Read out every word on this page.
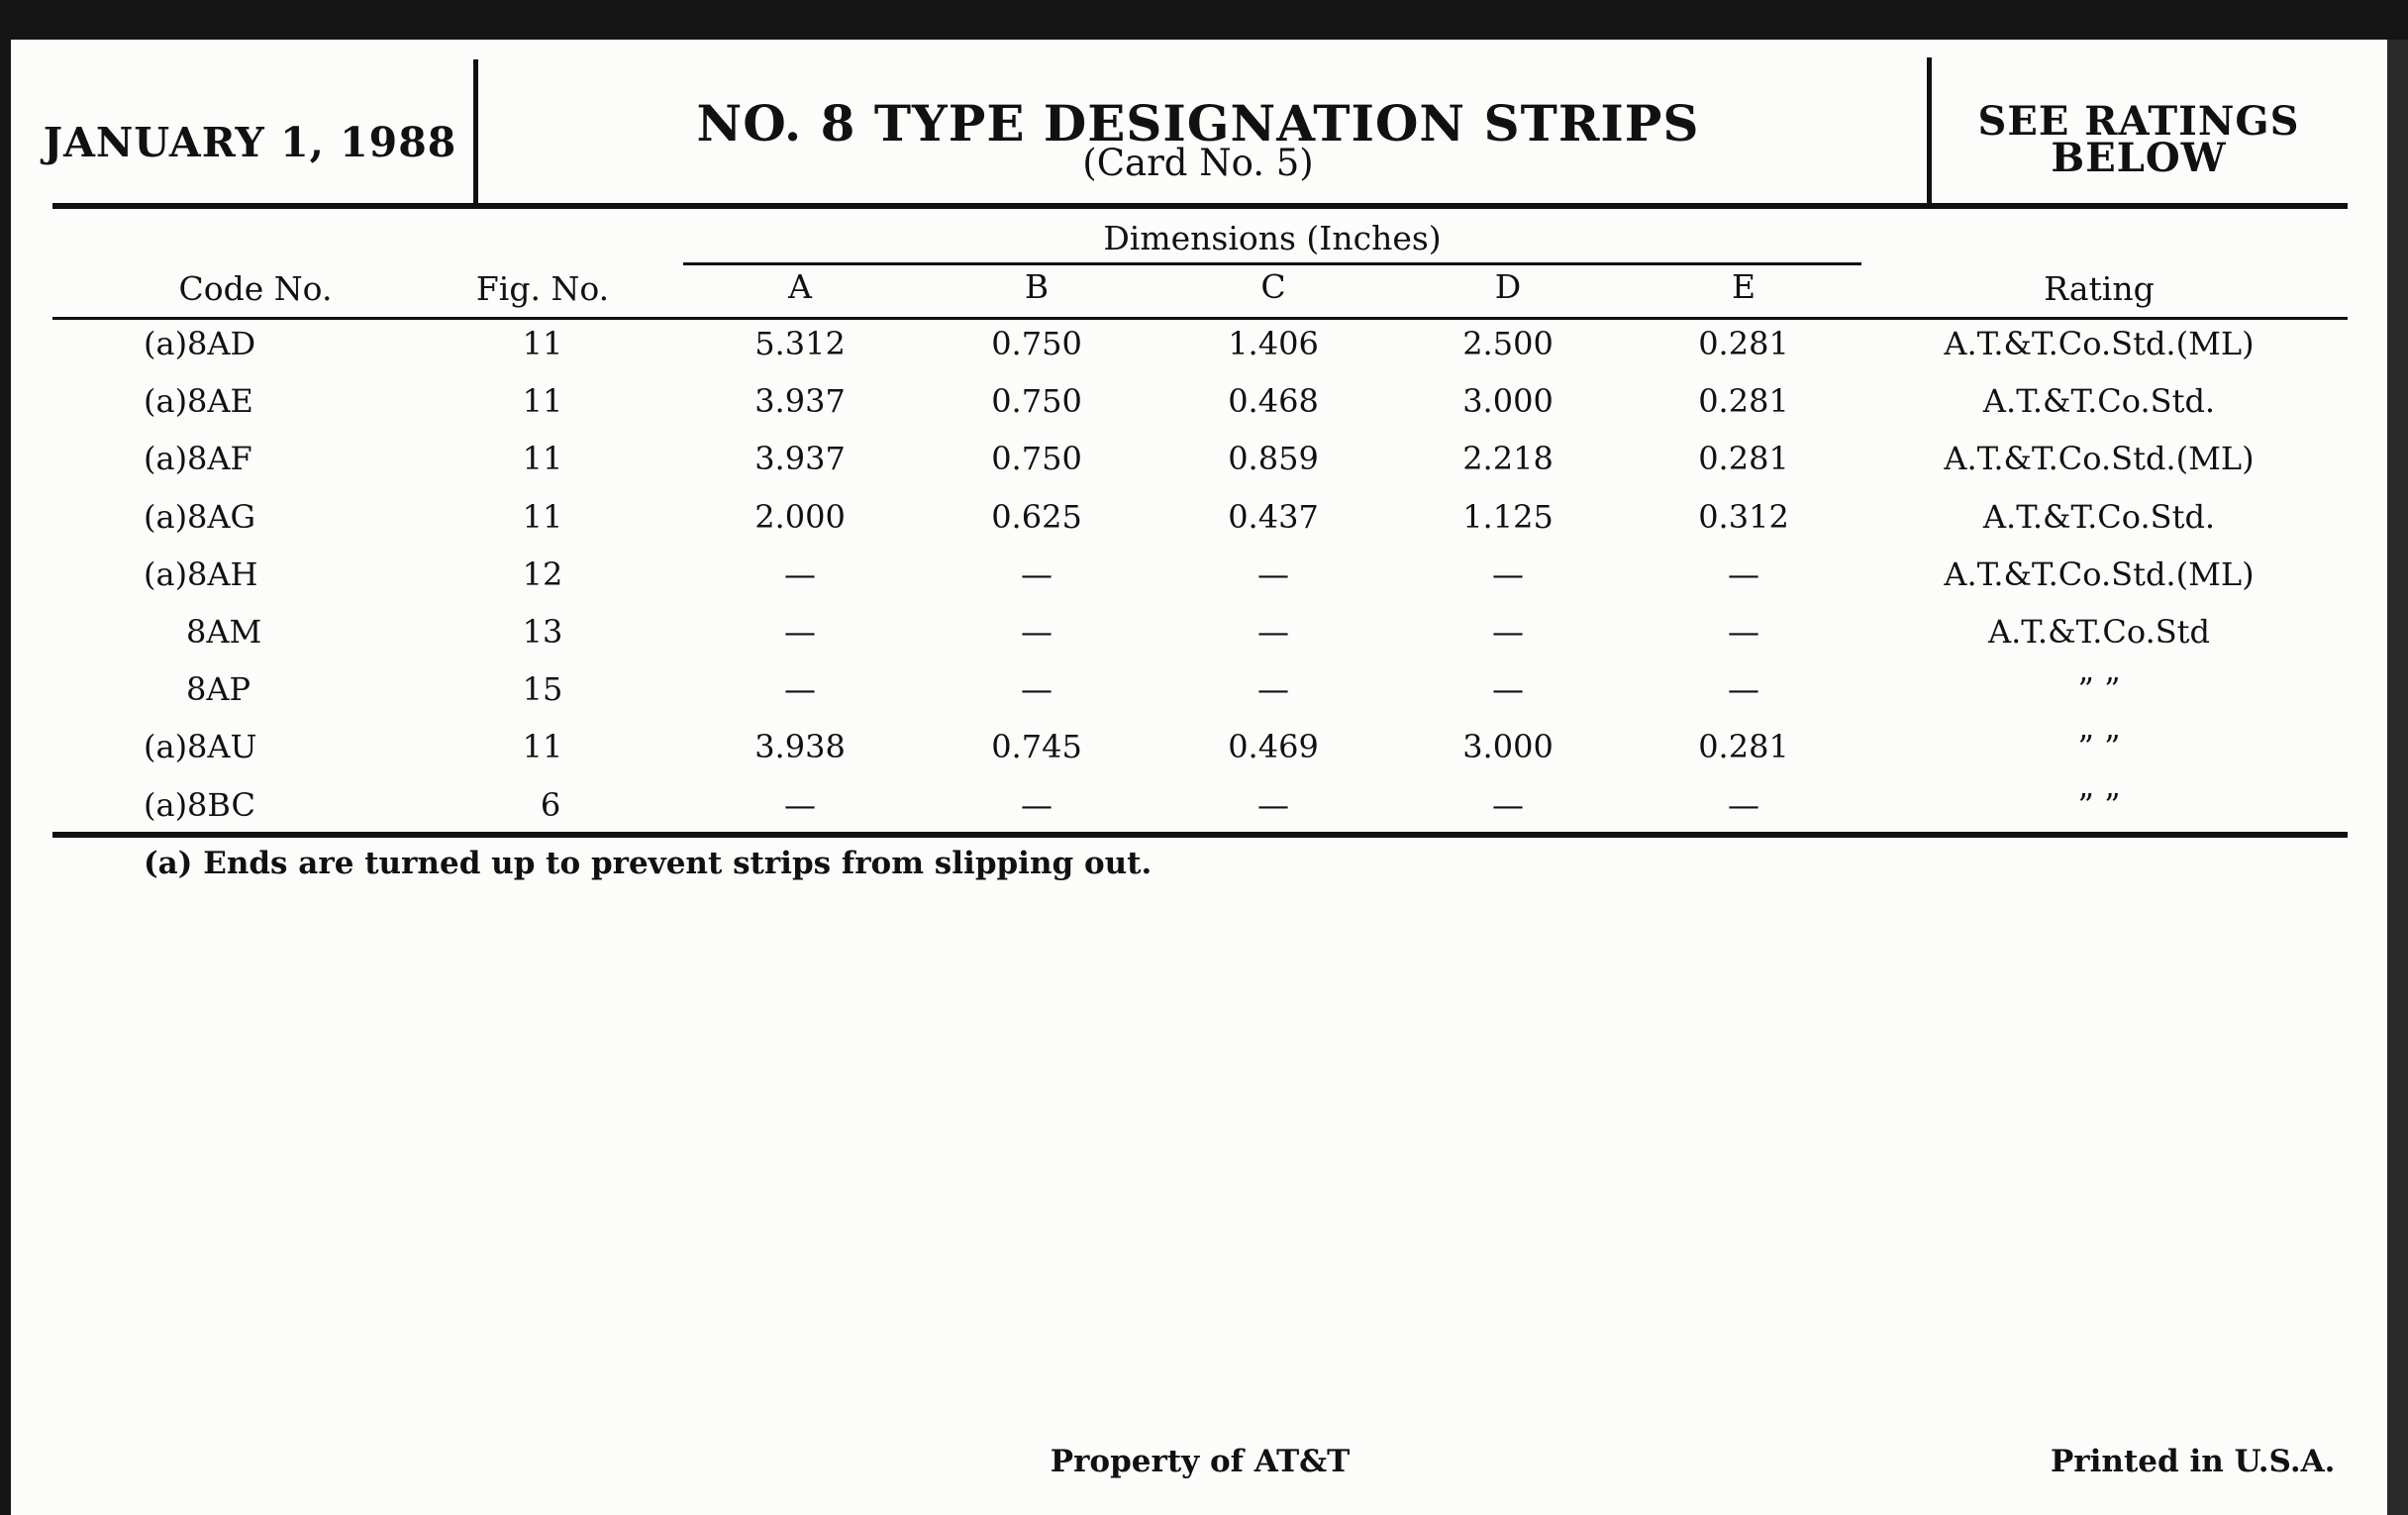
JANUARY 1, 1988	NO. 8 TYPE DESIGNATION STRIPS
(Card No. 5)
SEE RATINGS
BELOW
Dimensions (Inches)
Code No.	Fig. No.	A	B	C	D	E	Rating
(a)8AD	11	5.312	0.750	1.406	2.500	0.281	A.T.&T.Co.Std.(ML)
(a)8AE	11	3.937	0.750	0.468	3.000	0.281	A.T.&T.Co.Std.
(a)8AF	11	3.937	0.750	0.859	2.218	0.281	A.T.&T.Co.Std.(ML)
(a)8AG	11	2.000	0.625	0.437	1.125	0.312	A.T.&T.Co.Std.
(a)8AH	12	—	—	—	—	—	A.T.&T.Co.Std.(ML)
8AM	13	—	—	—	—	—	A.T.&T.Co.Std
8AP	15	—	—	—	—	—	” ”
(a)8AU	11	3.938	0.745	0.469	3.000	0.281	” ”
(a)8BC	6	—	—	—	—	—	” ”
(a) Ends are turned up to prevent strips from slipping out.
Property of AT&T	Printed in U.S.A.
